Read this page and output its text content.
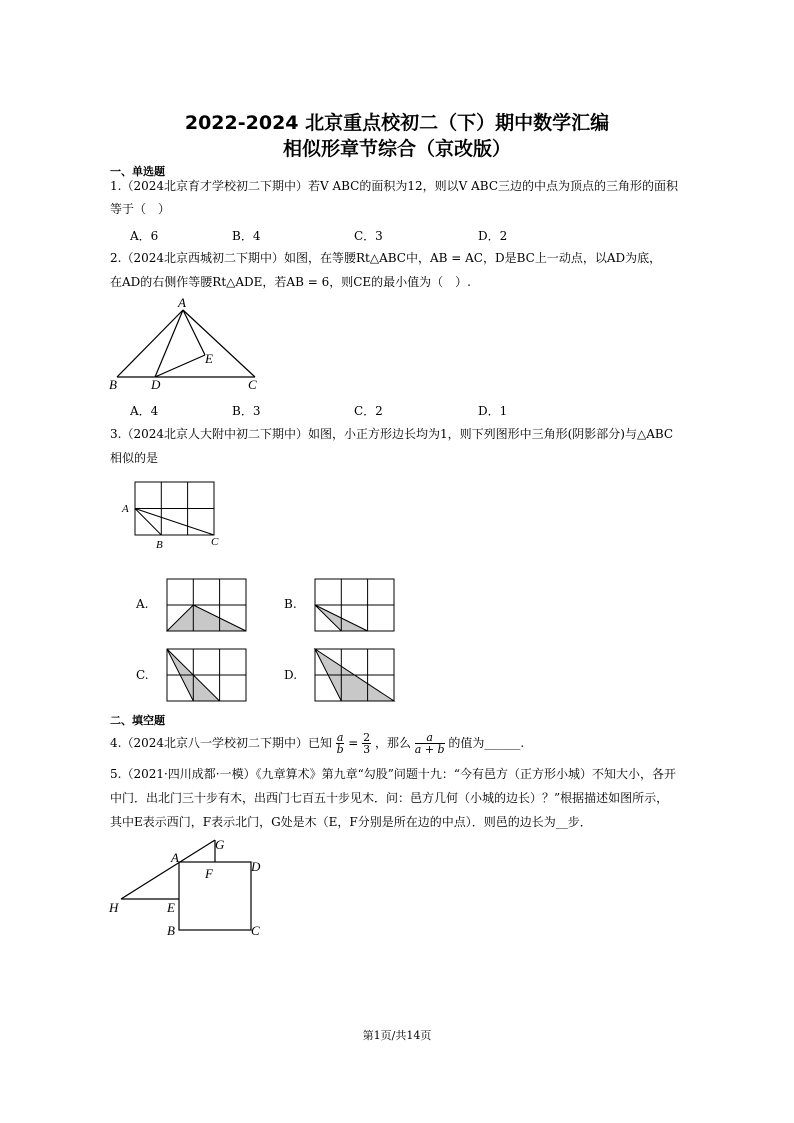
2022-2024 北京重点校初二（下）期中数学汇编
相似形章节综合（京改版）
一、单选题
1.（2024北京育才学校初二下期中）若V ABC的面积为12，则以V ABC三边的中点为顶点的三角形的面积
等于（　）
A．6	B．4	C．3	D．2
2.（2024北京西城初二下期中）如图，在等腰Rt△ABC中，AB = AC，D是BC上一动点，以AD为底，
在AD的右侧作等腰Rt△ADE，若AB = 6，则CE的最小值为（　）.
A
B	C
D
E
A．4	B．3	C．2	D．1
3.（2024北京人大附中初二下期中）如图，小正方形边长均为1，则下列图形中三角形(阴影部分)与△ABC
相似的是
A
B	C
A.	B.
C.	D.
二、填空题
4.（2024北京八一学校初二下期中）已知 $\frac{a}{b} = \frac{2}{3}$ ，那么 $\frac{a}{a + b}$ 的值为______.
5.（2021·四川成都·一模）《九章算术》第九章“勾股”问题十九：“今有邑方（正方形小城）不知大小，各开
中门．出北门三十步有木，出西门七百五十步见木．问：邑方几何（小城的边长）？”根据描述如图所示，
其中E表示西门，F表示北门，G处是木（E，F分别是所在边的中点）．则邑的边长为__步．
A
G
F	D
H	E
B	C
第1页/共14页
